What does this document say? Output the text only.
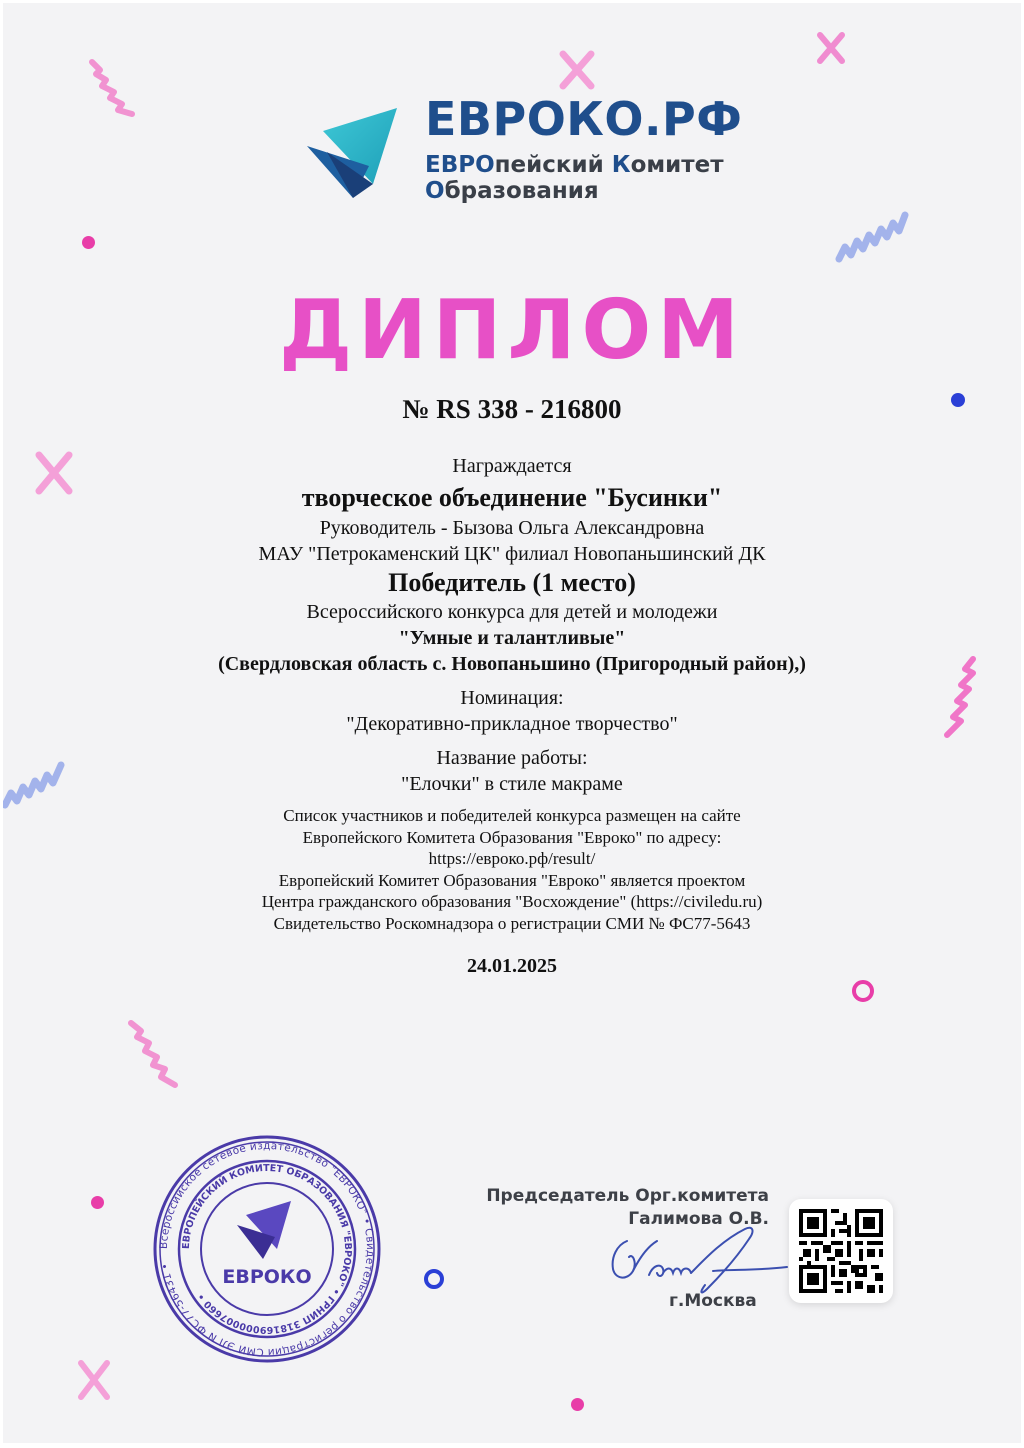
ЕВРОКО.РФ
ЕВРОпейский Комитет
Образования
ДИПЛОМ
№ RS 338 - 216800
Награждается
творческое объединение "Бусинки"
Руководитель - Бызова Ольга Александровна
МАУ "Петрокаменский ЦК" филиал Новопаньшинский ДК
Победитель (1 место)
Всероссийского конкурса для детей и молодежи
"Умные и талантливые"
(Свердловская область с. Новопаньшино (Пригородный район),)
Номинация:
"Декоративно-прикладное творчество"
Название работы:
"Елочки" в стиле макраме
Список участников и победителей конкурса размещен на сайте
Европейского Комитета Образования "Евроко" по адресу:
https://евроко.рф/result/
Европейский Комитет Образования "Евроко" является проектом
Центра гражданского образования "Восхождение" (https://civiledu.ru)
Свидетельство Роскомнадзора о регистрации СМИ № ФС77-5643
24.01.2025
Всероссийское сетевое издательство "ЕВРОКО" • Свидетельство о регистрации СМИ ЭЛ N ФС77-56431 •
ЕВРОПЕЙСКИЙ КОМИТЕТ ОБРАЗОВАНИЯ "ЕВРОКО" • ГРНИП 318169000007660 •
ЕВРОКО
Председатель Орг.комитета
Галимова О.В.
г.Москва
